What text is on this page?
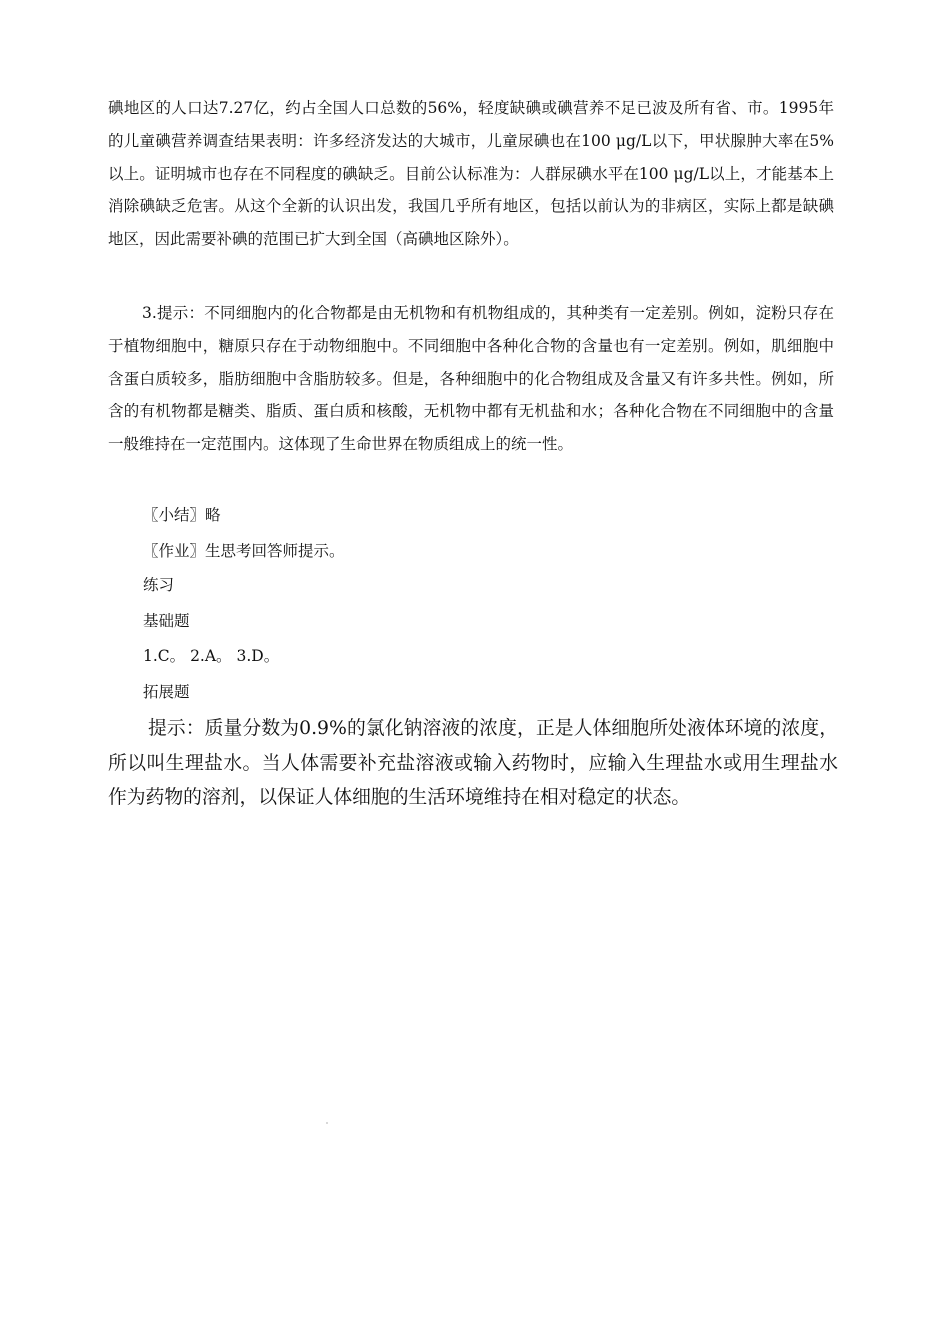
碘地区的人口达7.27亿，约占全国人口总数的56%，轻度缺碘或碘营养不足已波及所有省、市。1995年的儿童碘营养调查结果表明：许多经济发达的大城市，儿童尿碘也在100 μg/L以下，甲状腺肿大率在5%以上。证明城市也存在不同程度的碘缺乏。目前公认标准为：人群尿碘水平在100 μg/L以上，才能基本上消除碘缺乏危害。从这个全新的认识出发，我国几乎所有地区，包括以前认为的非病区，实际上都是缺碘地区，因此需要补碘的范围已扩大到全国（高碘地区除外）。

3.提示：不同细胞内的化合物都是由无机物和有机物组成的，其种类有一定差别。例如，淀粉只存在于植物细胞中，糖原只存在于动物细胞中。不同细胞中各种化合物的含量也有一定差别。例如，肌细胞中含蛋白质较多，脂肪细胞中含脂肪较多。但是，各种细胞中的化合物组成及含量又有许多共性。例如，所含的有机物都是糖类、脂质、蛋白质和核酸，无机物中都有无机盐和水；各种化合物在不同细胞中的含量一般维持在一定范围内。这体现了生命世界在物质组成上的统一性。

〖小结〗略

〖作业〗生思考回答师提示。

练习

基础题

1.C。 2.A。 3.D。

拓展题

提示：质量分数为0.9%的氯化钠溶液的浓度，正是人体细胞所处液体环境的浓度，所以叫生理盐水。当人体需要补充盐溶液或输入药物时，应输入生理盐水或用生理盐水作为药物的溶剂，以保证人体细胞的生活环境维持在相对稳定的状态。
